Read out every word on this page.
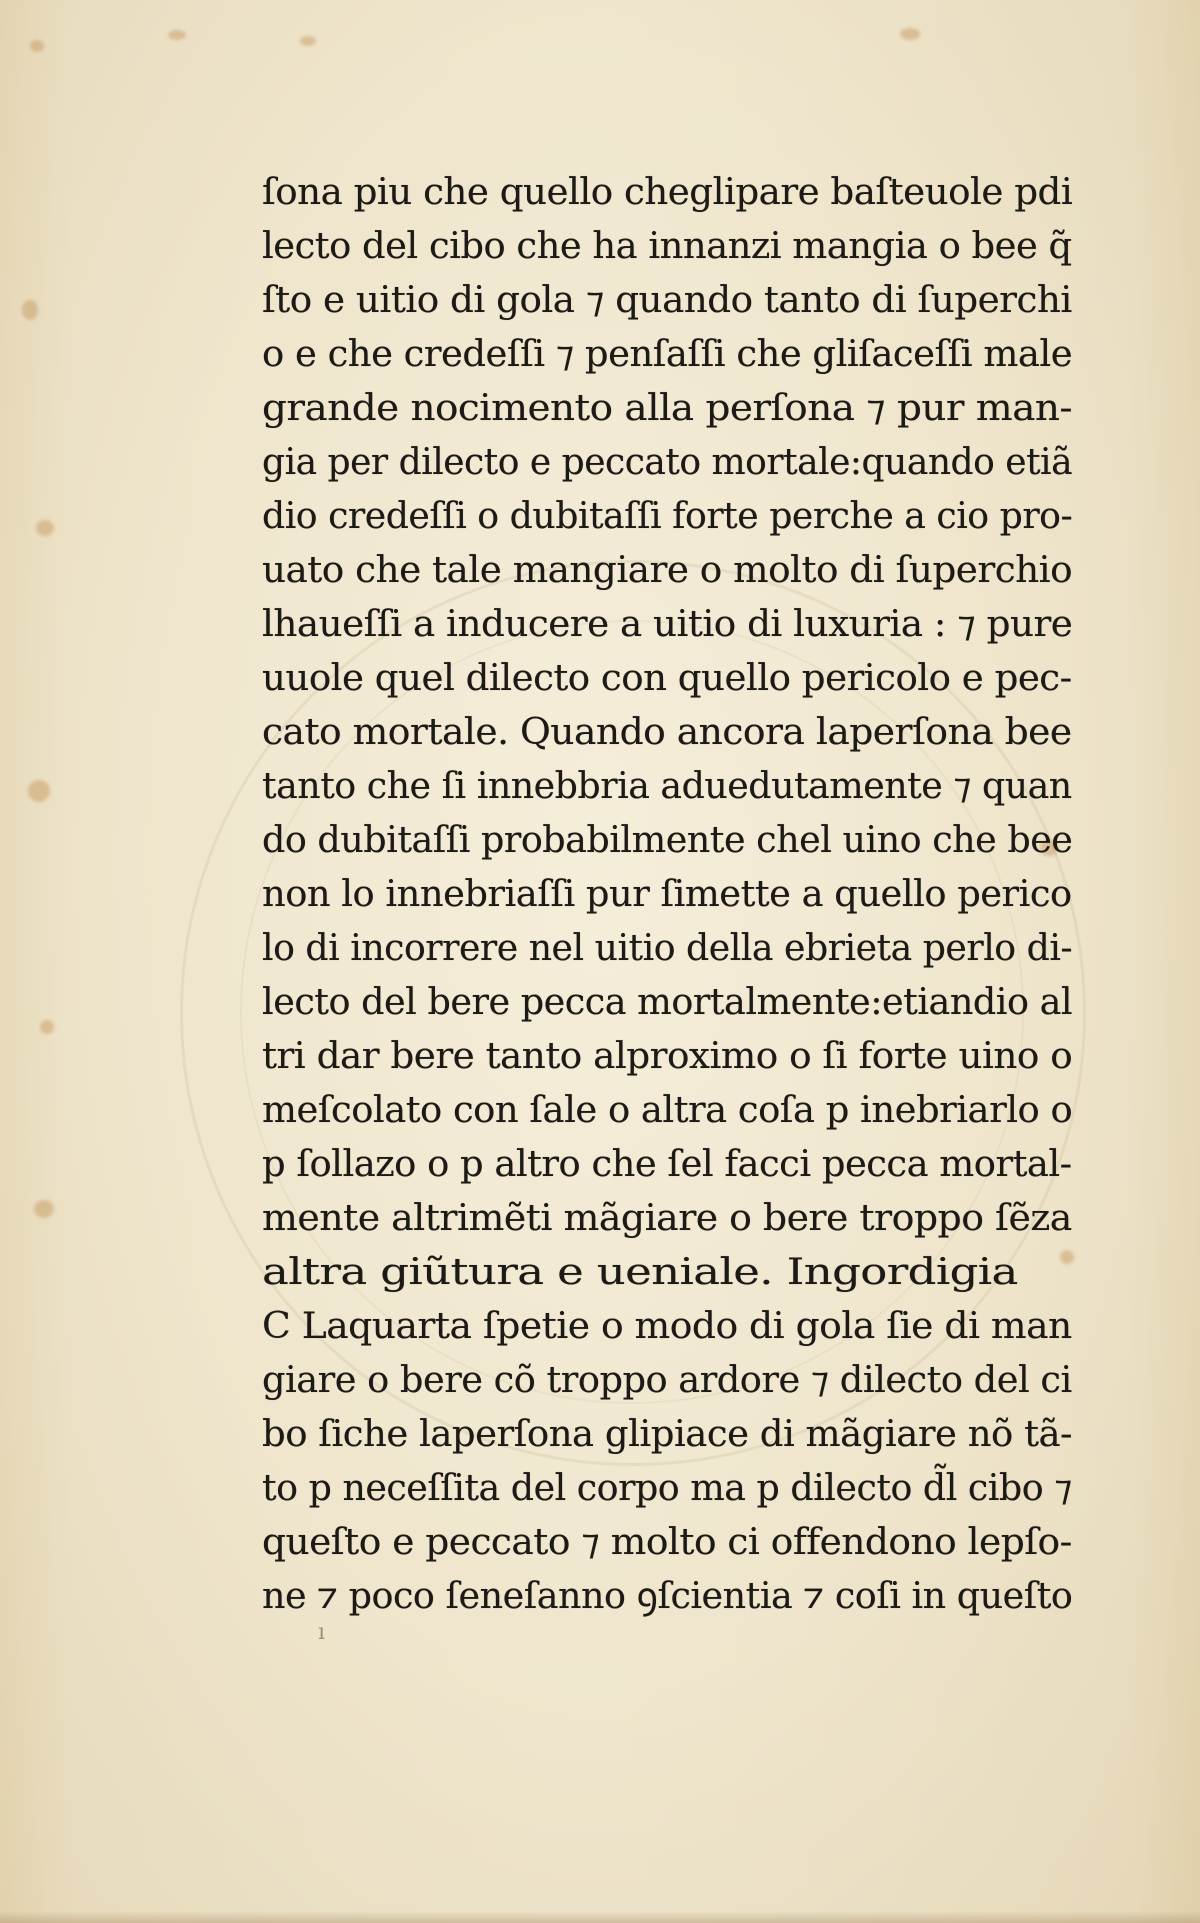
ſona piu che quello cheglipare baſteuole pdi
lecto del cibo che ha innanzi mangia o bee q̃
ſto e uitio di gola ⁊ quando tanto di ſuperchi
o e che credeſſi ⁊ penſaſſi che gliſaceſſi male
grande nocimento alla perſona ⁊ pur man-
gia per dilecto e peccato mortale:quando etiã
dio credeſſi o dubitaſſi forte perche a cio pro-
uato che tale mangiare o molto di ſuperchio
lhaueſſi a inducere a uitio di luxuria : ⁊ pure
uuole quel dilecto con quello pericolo e pec-
cato mortale. Quando ancora laperſona bee
tanto che ſi innebbria aduedutamente ⁊ quan
do dubitaſſi probabilmente chel uino che bee
non lo innebriaſſi pur ſimette a quello perico
lo di incorrere nel uitio della ebrieta perlo di-
lecto del bere pecca mortalmente:etiandio al
tri dar bere tanto alproximo o ſi forte uino o
meſcolato con ſale o altra coſa p inebriarlo o
p ſollazo o p altro che ſel facci pecca mortal-
mente altrimẽti mãgiare o bere troppo ſẽza
altra giũtura e ueniale. Ingordigia
C Laquarta ſpetie o modo di gola ſie di man
giare o bere cõ troppo ardore ⁊ dilecto del ci
bo ſiche laperſona glipiace di mãgiare nõ tã-
to p neceſſita del corpo ma p dilecto d̃l cibo ⁊
queſto e peccato ⁊ molto ci offendono lepſo-
ne ⁊ poco ſeneſanno ꝯſcientia ⁊ coſi in queſto
ı
